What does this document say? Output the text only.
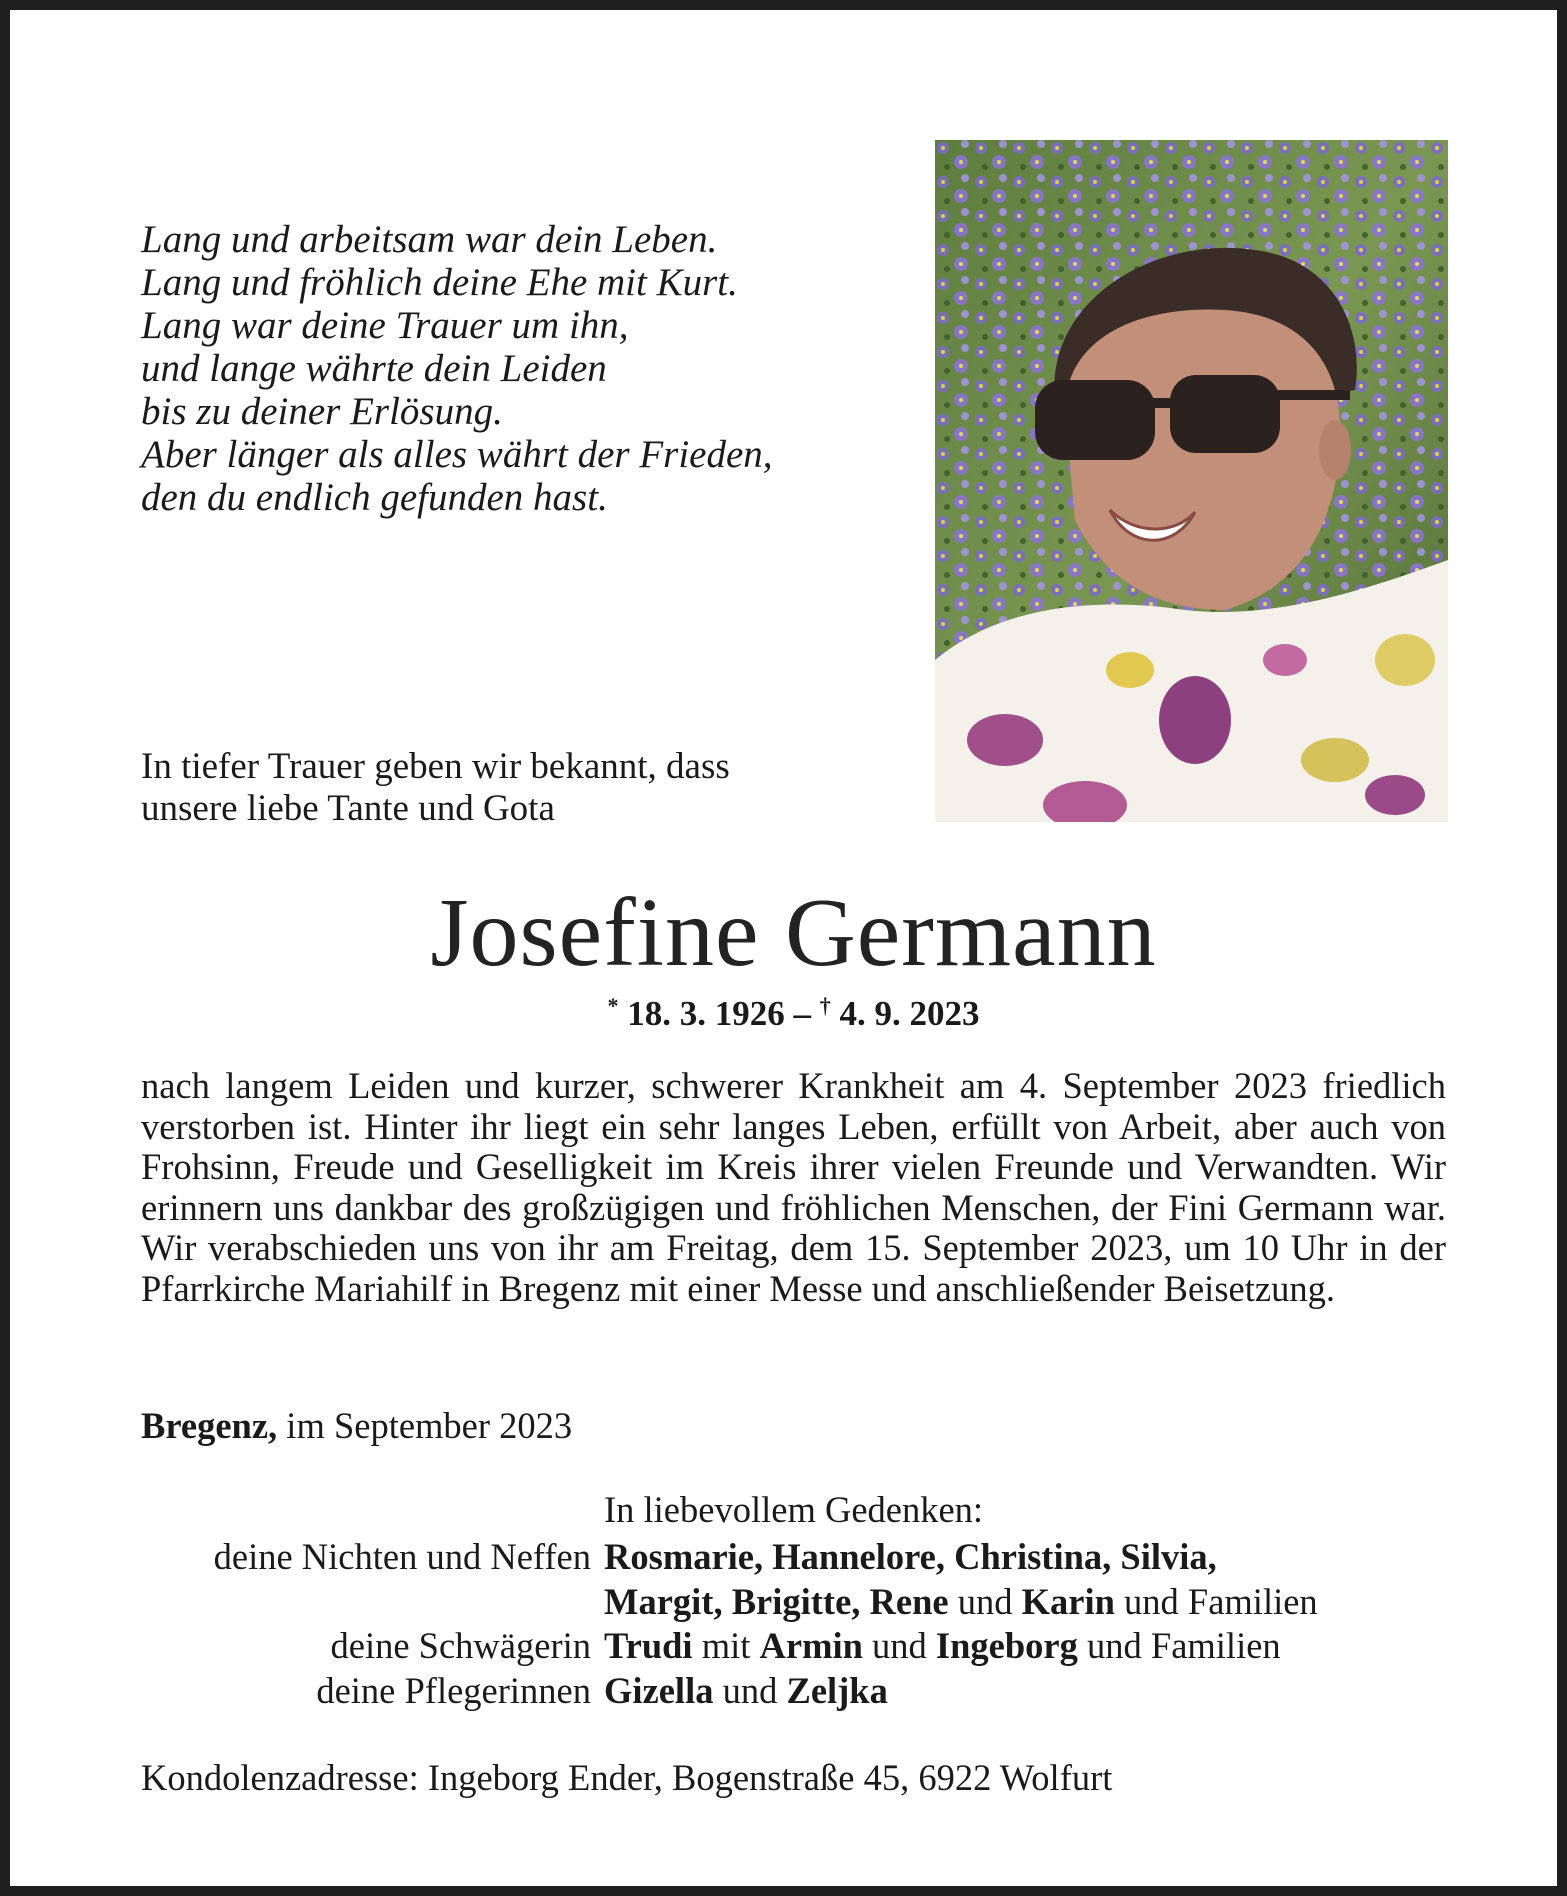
Lang und arbeitsam war dein Leben.
Lang und fröhlich deine Ehe mit Kurt.
Lang war deine Trauer um ihn,
und lange währte dein Leiden
bis zu deiner Erlösung.
Aber länger als alles währt der Frieden,
den du endlich gefunden hast.
In tiefer Trauer geben wir bekannt, dass
unsere liebe Tante und Gota
Josefine Germann
* 18. 3. 1926 – † 4. 9. 2023
nach langem Leiden und kurzer, schwerer Krankheit am 4. September 2023 friedlich verstorben ist. Hinter ihr liegt ein sehr langes Leben, erfüllt von Arbeit, aber auch von Frohsinn, Freude und Geselligkeit im Kreis ihrer vielen Freunde und Verwandten. Wir erinnern uns dankbar des großzügigen und fröhlichen Menschen, der Fini Germann war. Wir verabschieden uns von ihr am Freitag, dem 15. September 2023, um 10 Uhr in der Pfarrkirche Mariahilf in Bregenz mit einer Messe und anschließender Beisetzung.
Bregenz, im September 2023
In liebevollem Gedenken:
deine Nichten und Neffen Rosmarie, Hannelore, Christina, Silvia,
Margit, Brigitte, Rene und Karin und Familien
deine Schwägerin Trudi mit Armin und Ingeborg und Familien
deine Pflegerinnen Gizella und Zeljka
Kondolenzadresse: Ingeborg Ender, Bogenstraße 45, 6922 Wolfurt
